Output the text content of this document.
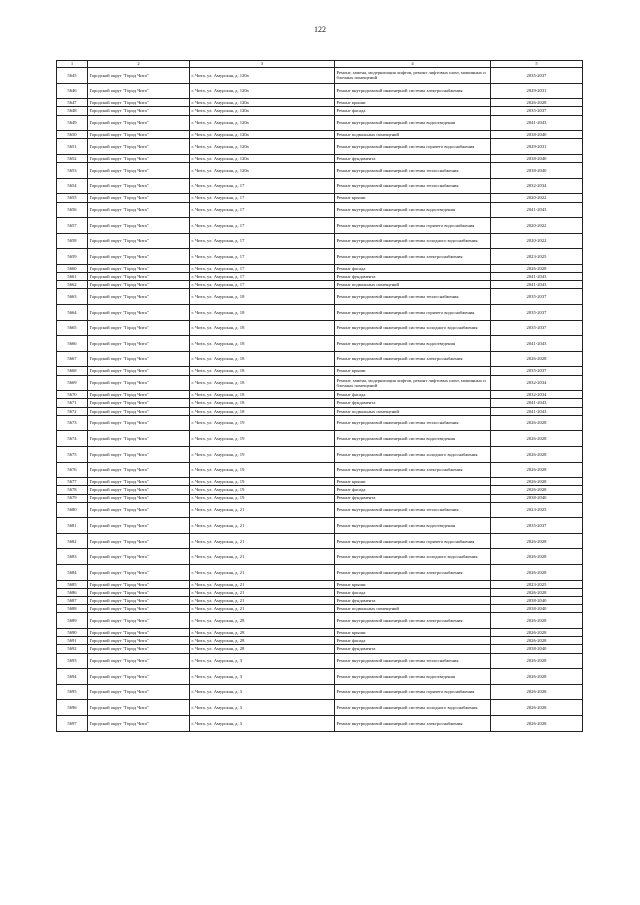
122
1	2	3	4	5
5645	Городской округ "Город Чита"	г. Чита, ул. Амурская, д. 120а	Ремонт, замена, модернизация лифтов, ремонт лифтовых шахт, машинных и блочных помещений	2035-2037
5646	Городской округ "Город Чита"	г. Чита, ул. Амурская, д. 120а	Ремонт внутридомовой инженерной системы электроснабжения	2029-2031
5647	Городской округ "Город Чита"	г. Чита, ул. Амурская, д. 120а	Ремонт крыши	2026-2028
5648	Городской округ "Город Чита"	г. Чита, ул. Амурская, д. 120а	Ремонт фасада	2035-2037
5649	Городской округ "Город Чита"	г. Чита, ул. Амурская, д. 120а	Ремонт внутридомовой инженерной системы водоотведения	2041-2043
5650	Городской округ "Город Чита"	г. Чита, ул. Амурская, д. 120а	Ремонт подвальных помещений	2038-2040
5651	Городской округ "Город Чита"	г. Чита, ул. Амурская, д. 120а	Ремонт внутридомовой инженерной системы горячего водоснабжения	2029-2031
5652	Городской округ "Город Чита"	г. Чита, ул. Амурская, д. 120а	Ремонт фундамента	2038-2040
5653	Городской округ "Город Чита"	г. Чита, ул. Амурская, д. 120а	Ремонт внутридомовой инженерной системы теплоснабжения	2038-2040
5654	Городской округ "Город Чита"	г. Чита, ул. Амурская, д. 17	Ремонт внутридомовой инженерной системы теплоснабжения	2032-2034
5655	Городской округ "Город Чита"	г. Чита, ул. Амурская, д. 17	Ремонт крыши	2020-2022
5656	Городской округ "Город Чита"	г. Чита, ул. Амурская, д. 17	Ремонт внутридомовой инженерной системы водоотведения	2041-2043
5657	Городской округ "Город Чита"	г. Чита, ул. Амурская, д. 17	Ремонт внутридомовой инженерной системы горячего водоснабжения	2020-2022
5658	Городской округ "Город Чита"	г. Чита, ул. Амурская, д. 17	Ремонт внутридомовой инженерной системы холодного водоснабжения	2020-2022
5659	Городской округ "Город Чита"	г. Чита, ул. Амурская, д. 17	Ремонт внутридомовой инженерной системы электроснабжения	2023-2025
5660	Городской округ "Город Чита"	г. Чита, ул. Амурская, д. 17	Ремонт фасада	2026-2028
5661	Городской округ "Город Чита"	г. Чита, ул. Амурская, д. 17	Ремонт фундамента	2041-2043
5662	Городской округ "Город Чита"	г. Чита, ул. Амурская, д. 17	Ремонт подвальных помещений	2041-2043
5663	Городской округ "Город Чита"	г. Чита, ул. Амурская, д. 18	Ремонт внутридомовой инженерной системы теплоснабжения	2035-2037
5664	Городской округ "Город Чита"	г. Чита, ул. Амурская, д. 18	Ремонт внутридомовой инженерной системы горячего водоснабжения	2035-2037
5665	Городской округ "Город Чита"	г. Чита, ул. Амурская, д. 18	Ремонт внутридомовой инженерной системы холодного водоснабжения	2035-2037
5666	Городской округ "Город Чита"	г. Чита, ул. Амурская, д. 18	Ремонт внутридомовой инженерной системы водоотведения	2041-2043
5667	Городской округ "Город Чита"	г. Чита, ул. Амурская, д. 18	Ремонт внутридомовой инженерной системы электроснабжения	2026-2028
5668	Городской округ "Город Чита"	г. Чита, ул. Амурская, д. 18	Ремонт крыши	2035-2037
5669	Городской округ "Город Чита"	г. Чита, ул. Амурская, д. 18	Ремонт, замена, модернизация лифтов, ремонт лифтовых шахт, машинных и блочных помещений	2032-2034
5670	Городской округ "Город Чита"	г. Чита, ул. Амурская, д. 18	Ремонт фасада	2032-2034
5671	Городской округ "Город Чита"	г. Чита, ул. Амурская, д. 18	Ремонт фундамента	2041-2043
5672	Городской округ "Город Чита"	г. Чита, ул. Амурская, д. 18	Ремонт подвальных помещений	2041-2043
5673	Городской округ "Город Чита"	г. Чита, ул. Амурская, д. 19	Ремонт внутридомовой инженерной системы теплоснабжения	2026-2028
5674	Городской округ "Город Чита"	г. Чита, ул. Амурская, д. 19	Ремонт внутридомовой инженерной системы водоотведения	2026-2028
5675	Городской округ "Город Чита"	г. Чита, ул. Амурская, д. 19	Ремонт внутридомовой инженерной системы холодного водоснабжения	2026-2028
5676	Городской округ "Город Чита"	г. Чита, ул. Амурская, д. 19	Ремонт внутридомовой инженерной системы электроснабжения	2026-2028
5677	Городской округ "Город Чита"	г. Чита, ул. Амурская, д. 19	Ремонт крыши	2026-2028
5678	Городской округ "Город Чита"	г. Чита, ул. Амурская, д. 19	Ремонт фасада	2026-2028
5679	Городской округ "Город Чита"	г. Чита, ул. Амурская, д. 19	Ремонт фундамента	2038-2040
5680	Городской округ "Город Чита"	г. Чита, ул. Амурская, д. 21	Ремонт внутридомовой инженерной системы теплоснабжения	2023-2025
5681	Городской округ "Город Чита"	г. Чита, ул. Амурская, д. 21	Ремонт внутридомовой инженерной системы водоотведения	2035-2037
5682	Городской округ "Город Чита"	г. Чита, ул. Амурская, д. 21	Ремонт внутридомовой инженерной системы горячего водоснабжения	2026-2028
5683	Городской округ "Город Чита"	г. Чита, ул. Амурская, д. 21	Ремонт внутридомовой инженерной системы холодного водоснабжения	2026-2028
5684	Городской округ "Город Чита"	г. Чита, ул. Амурская, д. 21	Ремонт внутридомовой инженерной системы электроснабжения	2026-2028
5685	Городской округ "Город Чита"	г. Чита, ул. Амурская, д. 21	Ремонт крыши	2023-2025
5686	Городской округ "Город Чита"	г. Чита, ул. Амурская, д. 21	Ремонт фасада	2026-2028
5687	Городской округ "Город Чита"	г. Чита, ул. Амурская, д. 21	Ремонт фундамента	2038-2040
5688	Городской округ "Город Чита"	г. Чита, ул. Амурская, д. 21	Ремонт подвальных помещений	2038-2040
5689	Городской округ "Город Чита"	г. Чита, ул. Амурская, д. 28	Ремонт внутридомовой инженерной системы электроснабжения	2026-2028
5690	Городской округ "Город Чита"	г. Чита, ул. Амурская, д. 28	Ремонт крыши	2026-2028
5691	Городской округ "Город Чита"	г. Чита, ул. Амурская, д. 28	Ремонт фасада	2026-2028
5692	Городской округ "Город Чита"	г. Чита, ул. Амурская, д. 28	Ремонт фундамента	2038-2040
5693	Городской округ "Город Чита"	г. Чита, ул. Амурская, д. 3	Ремонт внутридомовой инженерной системы теплоснабжения	2026-2028
5694	Городской округ "Город Чита"	г. Чита, ул. Амурская, д. 3	Ремонт внутридомовой инженерной системы водоотведения	2026-2028
5695	Городской округ "Город Чита"	г. Чита, ул. Амурская, д. 3	Ремонт внутридомовой инженерной системы горячего водоснабжения	2026-2028
5696	Городской округ "Город Чита"	г. Чита, ул. Амурская, д. 3	Ремонт внутридомовой инженерной системы холодного водоснабжения	2026-2028
5697	Городской округ "Город Чита"	г. Чита, ул. Амурская, д. 3	Ремонт внутридомовой инженерной системы электроснабжения	2026-2028
